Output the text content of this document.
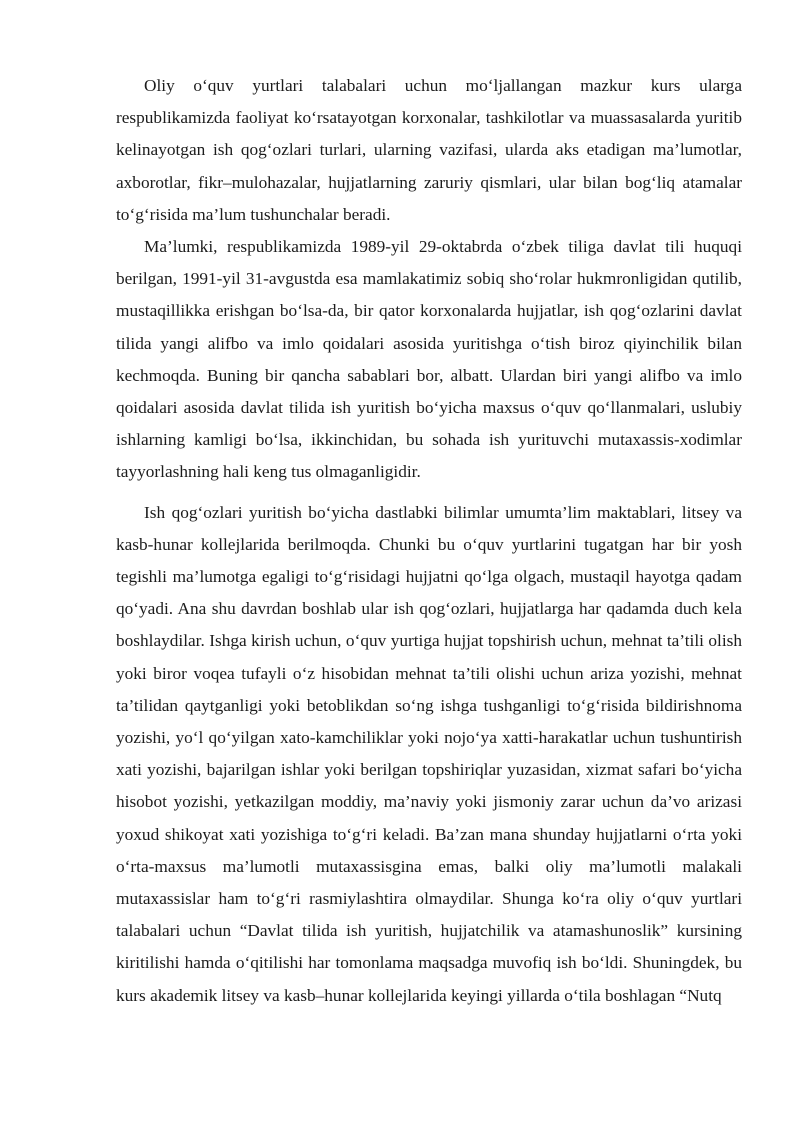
Oliy o‘quv yurtlari talabalari uchun mo‘ljallangan mazkur kurs ularga respublikamizda faoliyat ko‘rsatayotgan korxonalar, tashkilotlar va muassasalarda yuritib kelinayotgan ish qog‘ozlari turlari, ularning vazifasi, ularda aks etadigan ma’lumotlar, axborotlar, fikr–mulohazalar, hujjatlarning zaruriy qismlari, ular bilan bog‘liq atamalar to‘g‘risida ma’lum tushunchalar beradi.

Ma’lumki, respublikamizda 1989-yil 29-oktabrda o‘zbek tiliga davlat tili huquqi berilgan, 1991-yil 31-avgustda esa mamlakatimiz sobiq sho‘rolar hukmronligidan qutilib, mustaqillikka erishgan bo‘lsa-da, bir qator korxonalarda hujjatlar, ish qog‘ozlarini davlat tilida yangi alifbo va imlo qoidalari asosida yuritishga o‘tish biroz qiyinchilik bilan kechmoqda. Buning bir qancha sabablari bor, albatt. Ulardan biri yangi alifbo va imlo qoidalari asosida davlat tilida ish yuritish bo‘yicha maxsus o‘quv qo‘llanmalari, uslubiy ishlarning kamligi bo‘lsa, ikkinchidan, bu sohada ish yurituvchi mutaxassis-xodimlar tayyorlashning hali keng tus olmaganligidir.

Ish qog‘ozlari yuritish bo‘yicha dastlabki bilimlar umumta’lim maktablari, litsey va kasb-hunar kollejlarida berilmoqda. Chunki bu o‘quv yurtlarini tugatgan har bir yosh tegishli ma’lumotga egaligi to‘g‘risidagi hujjatni qo‘lga olgach, mustaqil hayotga qadam qo‘yadi. Ana shu davrdan boshlab ular ish qog‘ozlari, hujjatlarga har qadamda duch kela boshlaydilar. Ishga kirish uchun, o‘quv yurtiga hujjat topshirish uchun, mehnat ta’tili olish yoki biror voqea tufayli o‘z hisobidan mehnat ta’tili olishi uchun ariza yozishi, mehnat ta’tilidan qaytganligi yoki betoblikdan so‘ng ishga tushganligi to‘g‘risida bildirishnoma yozishi, yo‘l qo‘yilgan xato-kamchiliklar yoki nojo‘ya xatti-harakatlar uchun tushuntirish xati yozishi, bajarilgan ishlar yoki berilgan topshiriqlar yuzasidan, xizmat safari bo‘yicha hisobot yozishi, yetkazilgan moddiy, ma’naviy yoki jismoniy zarar uchun da’vo arizasi yoxud shikoyat xati yozishiga to‘g‘ri keladi. Ba’zan mana shunday hujjatlarni o‘rta yoki o‘rta-maxsus ma’lumotli mutaxassisgina emas, balki oliy ma’lumotli malakali mutaxassislar ham to‘g‘ri rasmiylashtira olmaydilar. Shunga ko‘ra oliy o‘quv yurtlari talabalari uchun “Davlat tilida ish yuritish, hujjatchilik va atamashunoslik” kursining kiritilishi hamda o‘qitilishi har tomonlama maqsadga muvofiq ish bo‘ldi. Shuningdek, bu kurs akademik litsey va kasb–hunar kollejlarida keyingi yillarda o‘tila boshlagan “Nutq
